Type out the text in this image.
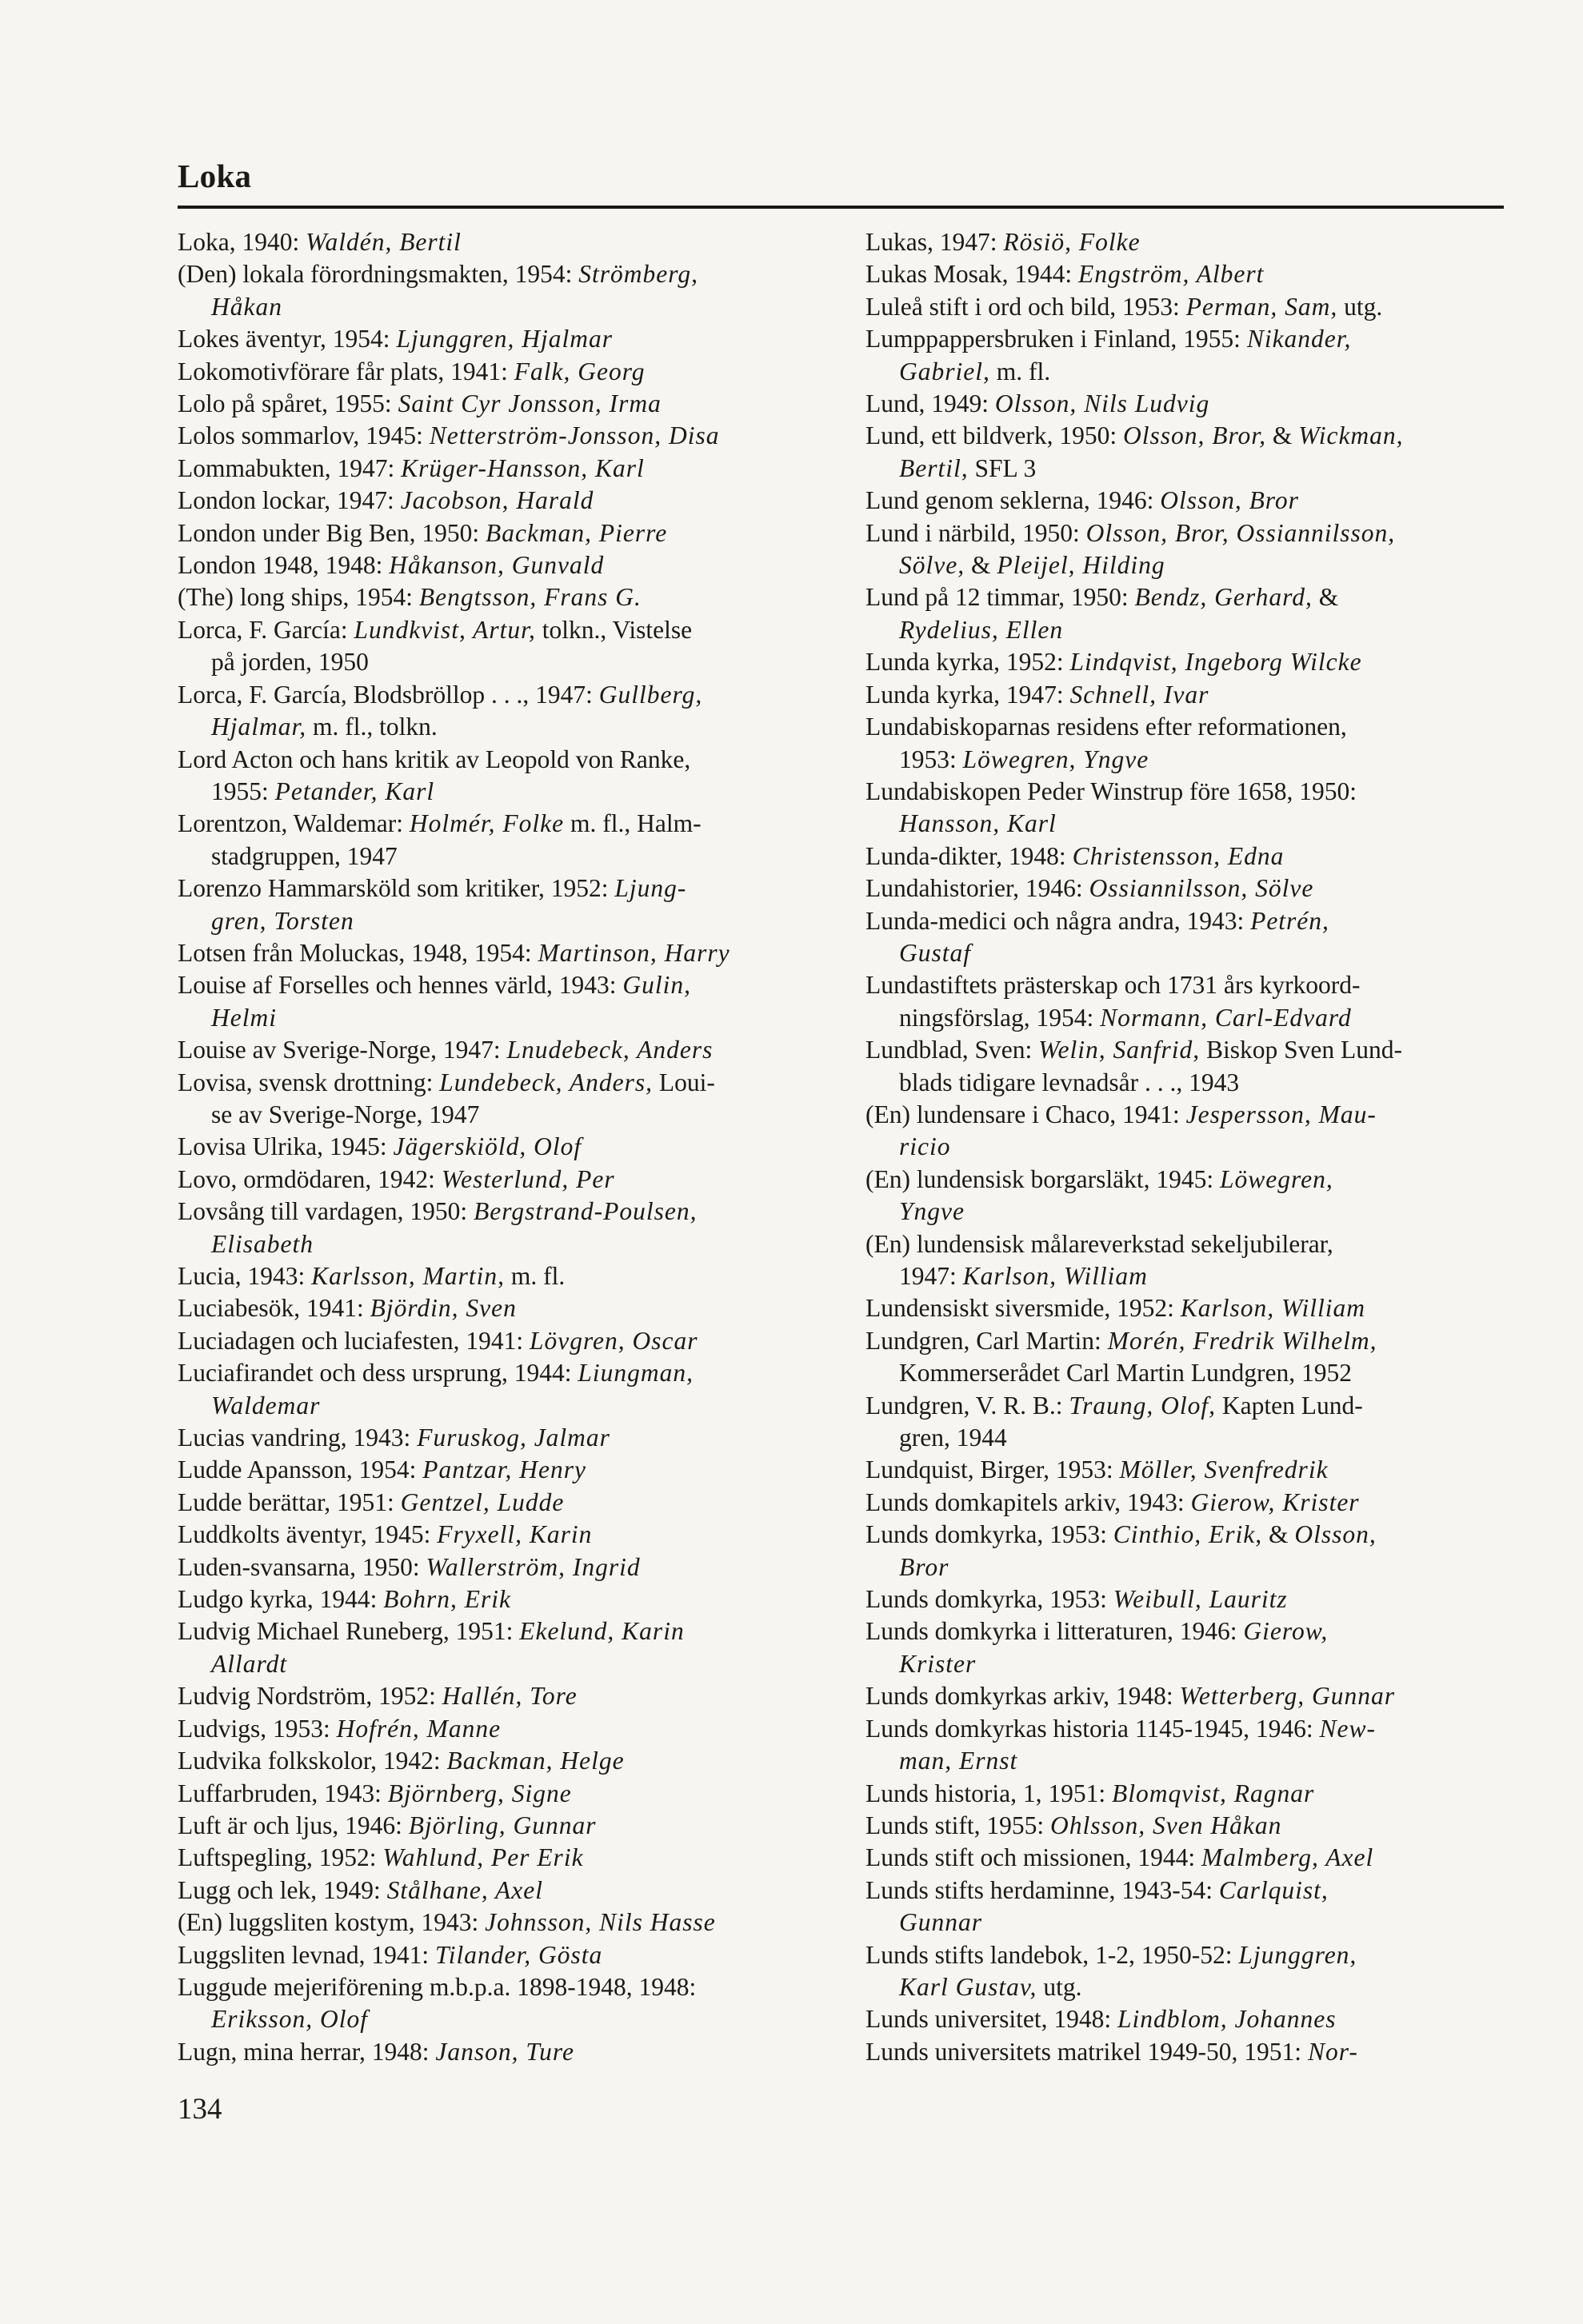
Loka
Loka, 1940: Waldén, Bertil
(Den) lokala förordningsmakten, 1954: Strömberg,
Håkan
Lokes äventyr, 1954: Ljunggren, Hjalmar
Lokomotivförare får plats, 1941: Falk, Georg
Lolo på spåret, 1955: Saint Cyr Jonsson, Irma
Lolos sommarlov, 1945: Netterström-Jonsson, Disa
Lommabukten, 1947: Krüger-Hansson, Karl
London lockar, 1947: Jacobson, Harald
London under Big Ben, 1950: Backman, Pierre
London 1948, 1948: Håkanson, Gunvald
(The) long ships, 1954: Bengtsson, Frans G.
Lorca, F. García: Lundkvist, Artur, tolkn., Vistelse
på jorden, 1950
Lorca, F. García, Blodsbröllop . . ., 1947: Gullberg,
Hjalmar, m. fl., tolkn.
Lord Acton och hans kritik av Leopold von Ranke,
1955: Petander, Karl
Lorentzon, Waldemar: Holmér, Folke m. fl., Halm-
stadgruppen, 1947
Lorenzo Hammarsköld som kritiker, 1952: Ljung-
gren, Torsten
Lotsen från Moluckas, 1948, 1954: Martinson, Harry
Louise af Forselles och hennes värld, 1943: Gulin,
Helmi
Louise av Sverige-Norge, 1947: Lnudebeck, Anders
Lovisa, svensk drottning: Lundebeck, Anders, Loui-
se av Sverige-Norge, 1947
Lovisa Ulrika, 1945: Jägerskiöld, Olof
Lovo, ormdödaren, 1942: Westerlund, Per
Lovsång till vardagen, 1950: Bergstrand-Poulsen,
Elisabeth
Lucia, 1943: Karlsson, Martin, m. fl.
Luciabesök, 1941: Björdin, Sven
Luciadagen och luciafesten, 1941: Lövgren, Oscar
Luciafirandet och dess ursprung, 1944: Liungman,
Waldemar
Lucias vandring, 1943: Furuskog, Jalmar
Ludde Apansson, 1954: Pantzar, Henry
Ludde berättar, 1951: Gentzel, Ludde
Luddkolts äventyr, 1945: Fryxell, Karin
Luden-svansarna, 1950: Wallerström, Ingrid
Ludgo kyrka, 1944: Bohrn, Erik
Ludvig Michael Runeberg, 1951: Ekelund, Karin
Allardt
Ludvig Nordström, 1952: Hallén, Tore
Ludvigs, 1953: Hofrén, Manne
Ludvika folkskolor, 1942: Backman, Helge
Luffarbruden, 1943: Björnberg, Signe
Luft är och ljus, 1946: Björling, Gunnar
Luftspegling, 1952: Wahlund, Per Erik
Lugg och lek, 1949: Stålhane, Axel
(En) luggsliten kostym, 1943: Johnsson, Nils Hasse
Luggsliten levnad, 1941: Tilander, Gösta
Luggude mejeriförening m.b.p.a. 1898-1948, 1948:
Eriksson, Olof
Lugn, mina herrar, 1948: Janson, Ture
Lukas, 1947: Rösiö, Folke
Lukas Mosak, 1944: Engström, Albert
Luleå stift i ord och bild, 1953: Perman, Sam, utg.
Lumppappersbruken i Finland, 1955: Nikander,
Gabriel, m. fl.
Lund, 1949: Olsson, Nils Ludvig
Lund, ett bildverk, 1950: Olsson, Bror, & Wickman,
Bertil, SFL 3
Lund genom seklerna, 1946: Olsson, Bror
Lund i närbild, 1950: Olsson, Bror, Ossiannilsson,
Sölve, & Pleijel, Hilding
Lund på 12 timmar, 1950: Bendz, Gerhard, &
Rydelius, Ellen
Lunda kyrka, 1952: Lindqvist, Ingeborg Wilcke
Lunda kyrka, 1947: Schnell, Ivar
Lundabiskoparnas residens efter reformationen,
1953: Löwegren, Yngve
Lundabiskopen Peder Winstrup före 1658, 1950:
Hansson, Karl
Lunda-dikter, 1948: Christensson, Edna
Lundahistorier, 1946: Ossiannilsson, Sölve
Lunda-medici och några andra, 1943: Petrén,
Gustaf
Lundastiftets prästerskap och 1731 års kyrkoord-
ningsförslag, 1954: Normann, Carl-Edvard
Lundblad, Sven: Welin, Sanfrid, Biskop Sven Lund-
blads tidigare levnadsår . . ., 1943
(En) lundensare i Chaco, 1941: Jespersson, Mau-
ricio
(En) lundensisk borgarsläkt, 1945: Löwegren,
Yngve
(En) lundensisk målareverkstad sekeljubilerar,
1947: Karlson, William
Lundensiskt siversmide, 1952: Karlson, William
Lundgren, Carl Martin: Morén, Fredrik Wilhelm,
Kommerserådet Carl Martin Lundgren, 1952
Lundgren, V. R. B.: Traung, Olof, Kapten Lund-
gren, 1944
Lundquist, Birger, 1953: Möller, Svenfredrik
Lunds domkapitels arkiv, 1943: Gierow, Krister
Lunds domkyrka, 1953: Cinthio, Erik, & Olsson,
Bror
Lunds domkyrka, 1953: Weibull, Lauritz
Lunds domkyrka i litteraturen, 1946: Gierow,
Krister
Lunds domkyrkas arkiv, 1948: Wetterberg, Gunnar
Lunds domkyrkas historia 1145-1945, 1946: New-
man, Ernst
Lunds historia, 1, 1951: Blomqvist, Ragnar
Lunds stift, 1955: Ohlsson, Sven Håkan
Lunds stift och missionen, 1944: Malmberg, Axel
Lunds stifts herdaminne, 1943-54: Carlquist,
Gunnar
Lunds stifts landebok, 1-2, 1950-52: Ljunggren,
Karl Gustav, utg.
Lunds universitet, 1948: Lindblom, Johannes
Lunds universitets matrikel 1949-50, 1951: Nor-
134
